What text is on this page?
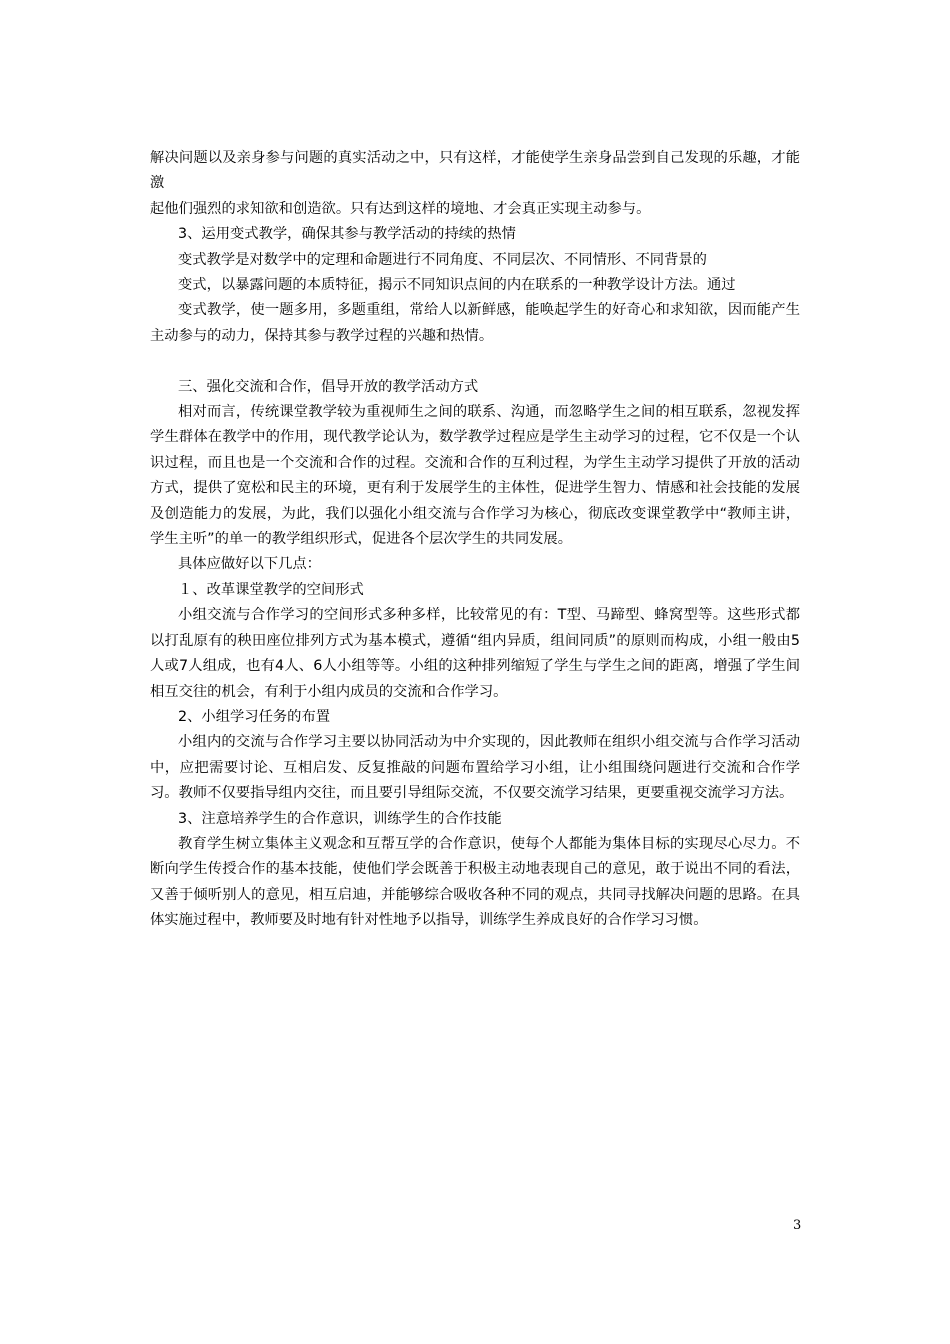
解决问题以及亲身参与问题的真实活动之中，只有这样，才能使学生亲身品尝到自己发现的乐趣，才能激

起他们强烈的求知欲和创造欲。只有达到这样的境地、才会真正实现主动参与。

3、运用变式教学，确保其参与教学活动的持续的热情

变式教学是对数学中的定理和命题进行不同角度、不同层次、不同情形、不同背景的

变式，以暴露问题的本质特征，揭示不同知识点间的内在联系的一种教学设计方法。通过

变式教学，使一题多用，多题重组，常给人以新鲜感，能唤起学生的好奇心和求知欲，因而能产生主动参与的动力，保持其参与教学过程的兴趣和热情。

三、强化交流和合作，倡导开放的教学活动方式

相对而言，传统课堂教学较为重视师生之间的联系、沟通，而忽略学生之间的相互联系，忽视发挥学生群体在教学中的作用，现代教学论认为，数学教学过程应是学生主动学习的过程，它不仅是一个认识过程，而且也是一个交流和合作的过程。交流和合作的互利过程，为学生主动学习提供了开放的活动方式，提供了宽松和民主的环境，更有利于发展学生的主体性，促进学生智力、情感和社会技能的发展及创造能力的发展，为此，我们以强化小组交流与合作学习为核心，彻底改变课堂教学中“教师主讲，学生主听”的单一的教学组织形式，促进各个层次学生的共同发展。

具体应做好以下几点：

１、改革课堂教学的空间形式

小组交流与合作学习的空间形式多种多样，比较常见的有：T型、马蹄型、蜂窝型等。这些形式都以打乱原有的秧田座位排列方式为基本模式，遵循“组内异质，组间同质”的原则而构成，小组一般由5人或7人组成，也有4人、6人小组等等。小组的这种排列缩短了学生与学生之间的距离，增强了学生间相互交往的机会，有利于小组内成员的交流和合作学习。

2、小组学习任务的布置

小组内的交流与合作学习主要以协同活动为中介实现的，因此教师在组织小组交流与合作学习活动中，应把需要讨论、互相启发、反复推敲的问题布置给学习小组，让小组围绕问题进行交流和合作学习。教师不仅要指导组内交往，而且要引导组际交流，不仅要交流学习结果，更要重视交流学习方法。

3、注意培养学生的合作意识，训练学生的合作技能

教育学生树立集体主义观念和互帮互学的合作意识，使每个人都能为集体目标的实现尽心尽力。不断向学生传授合作的基本技能，使他们学会既善于积极主动地表现自己的意见，敢于说出不同的看法，又善于倾听别人的意见，相互启迪，并能够综合吸收各种不同的观点，共同寻找解决问题的思路。在具体实施过程中，教师要及时地有针对性地予以指导，训练学生养成良好的合作学习习惯。

3
